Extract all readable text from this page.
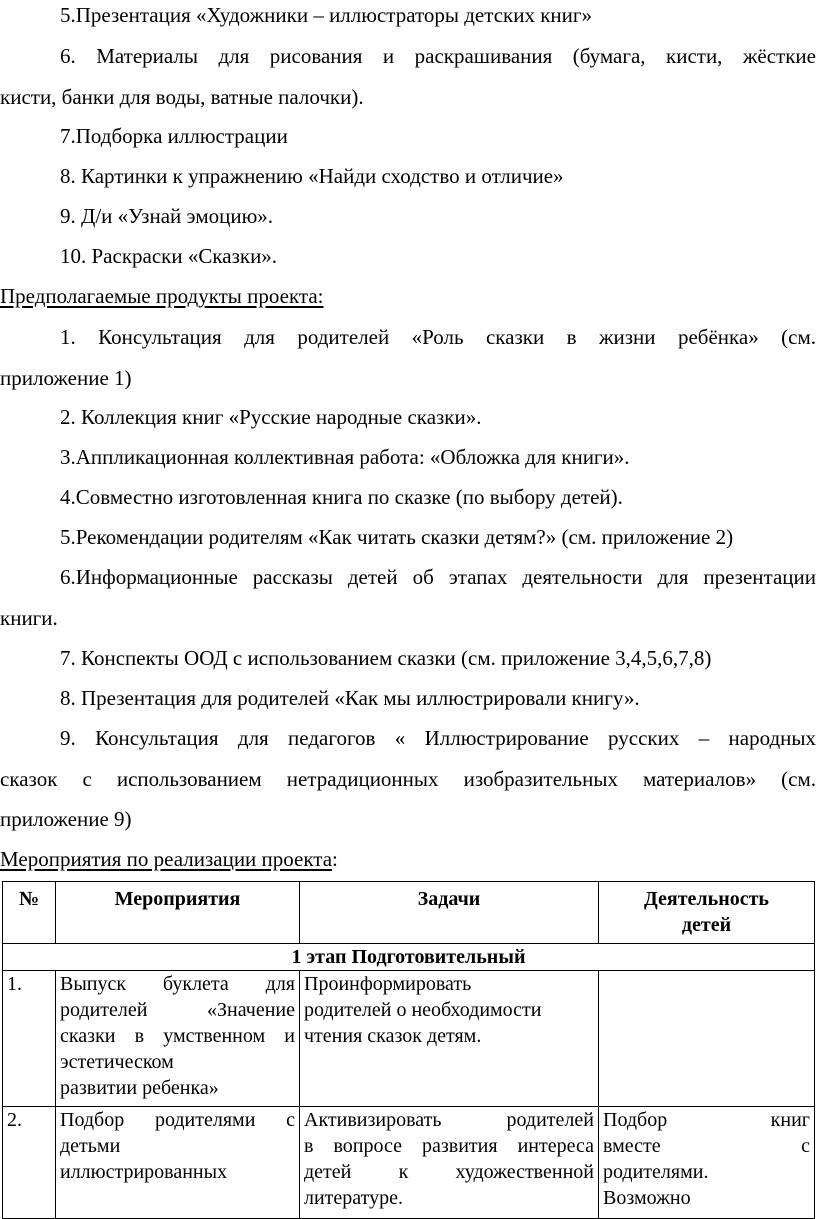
5.Презентация «Художники – иллюстраторы детских книг»
6. Материалы для рисования и раскрашивания (бумага, кисти, жёсткие
кисти, банки для воды, ватные палочки).
7.Подборка иллюстрации
8. Картинки к упражнению «Найди сходство и отличие»
9. Д/и «Узнай эмоцию».
10. Раскраски «Сказки».
Предполагаемые продукты проекта:
1. Консультация для родителей «Роль сказки в жизни ребёнка» (см.
приложение 1)
2. Коллекция книг «Русские народные сказки».
3.Аппликационная коллективная работа: «Обложка для книги».
4.Совместно изготовленная книга по сказке (по выбору детей).
5.Рекомендации родителям «Как читать сказки детям?» (см. приложение 2)
6.Информационные рассказы детей об этапах деятельности для презентации
книги.
7. Конспекты ООД с использованием сказки (см. приложение 3,4,5,6,7,8)
8. Презентация для родителей «Как мы иллюстрировали книгу».
9. Консультация для педагогов « Иллюстрирование русских – народных
сказок с использованием нетрадиционных изобразительных материалов» (см.
приложение 9)
Мероприятия по реализации проекта:
№	Мероприятия	Задачи	Деятельность
детей

1 этап Подготовительный			
1.	Выпуск буклета для
родителей «Значение
сказки в умственном и
эстетическом
развитии ребенка»	Проинформировать
родителей о необходимости
чтения сказок детям.	

2.	Подбор родителями с
детьми
иллюстрированных	Активизировать родителей
в вопросе развития интереса
детей к художественной
литературе.	Подбор книг
вместе с
родителями.
Возможно
